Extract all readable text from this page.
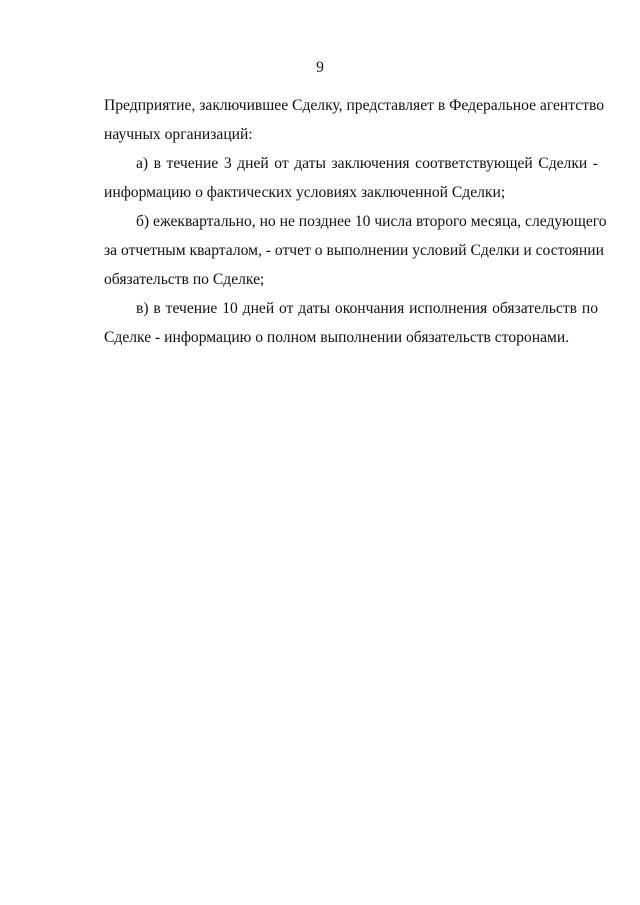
9
Предприятие, заключившее Сделку, представляет в Федеральное агентство
научных организаций:
а) в течение 3 дней от даты заключения соответствующей Сделки -
информацию о фактических условиях заключенной Сделки;
б) ежеквартально, но не позднее 10 числа второго месяца, следующего
за отчетным кварталом, - отчет о выполнении условий Сделки и состоянии
обязательств по Сделке;
в) в течение 10 дней от даты окончания исполнения обязательств по
Сделке - информацию о полном выполнении обязательств сторонами.
